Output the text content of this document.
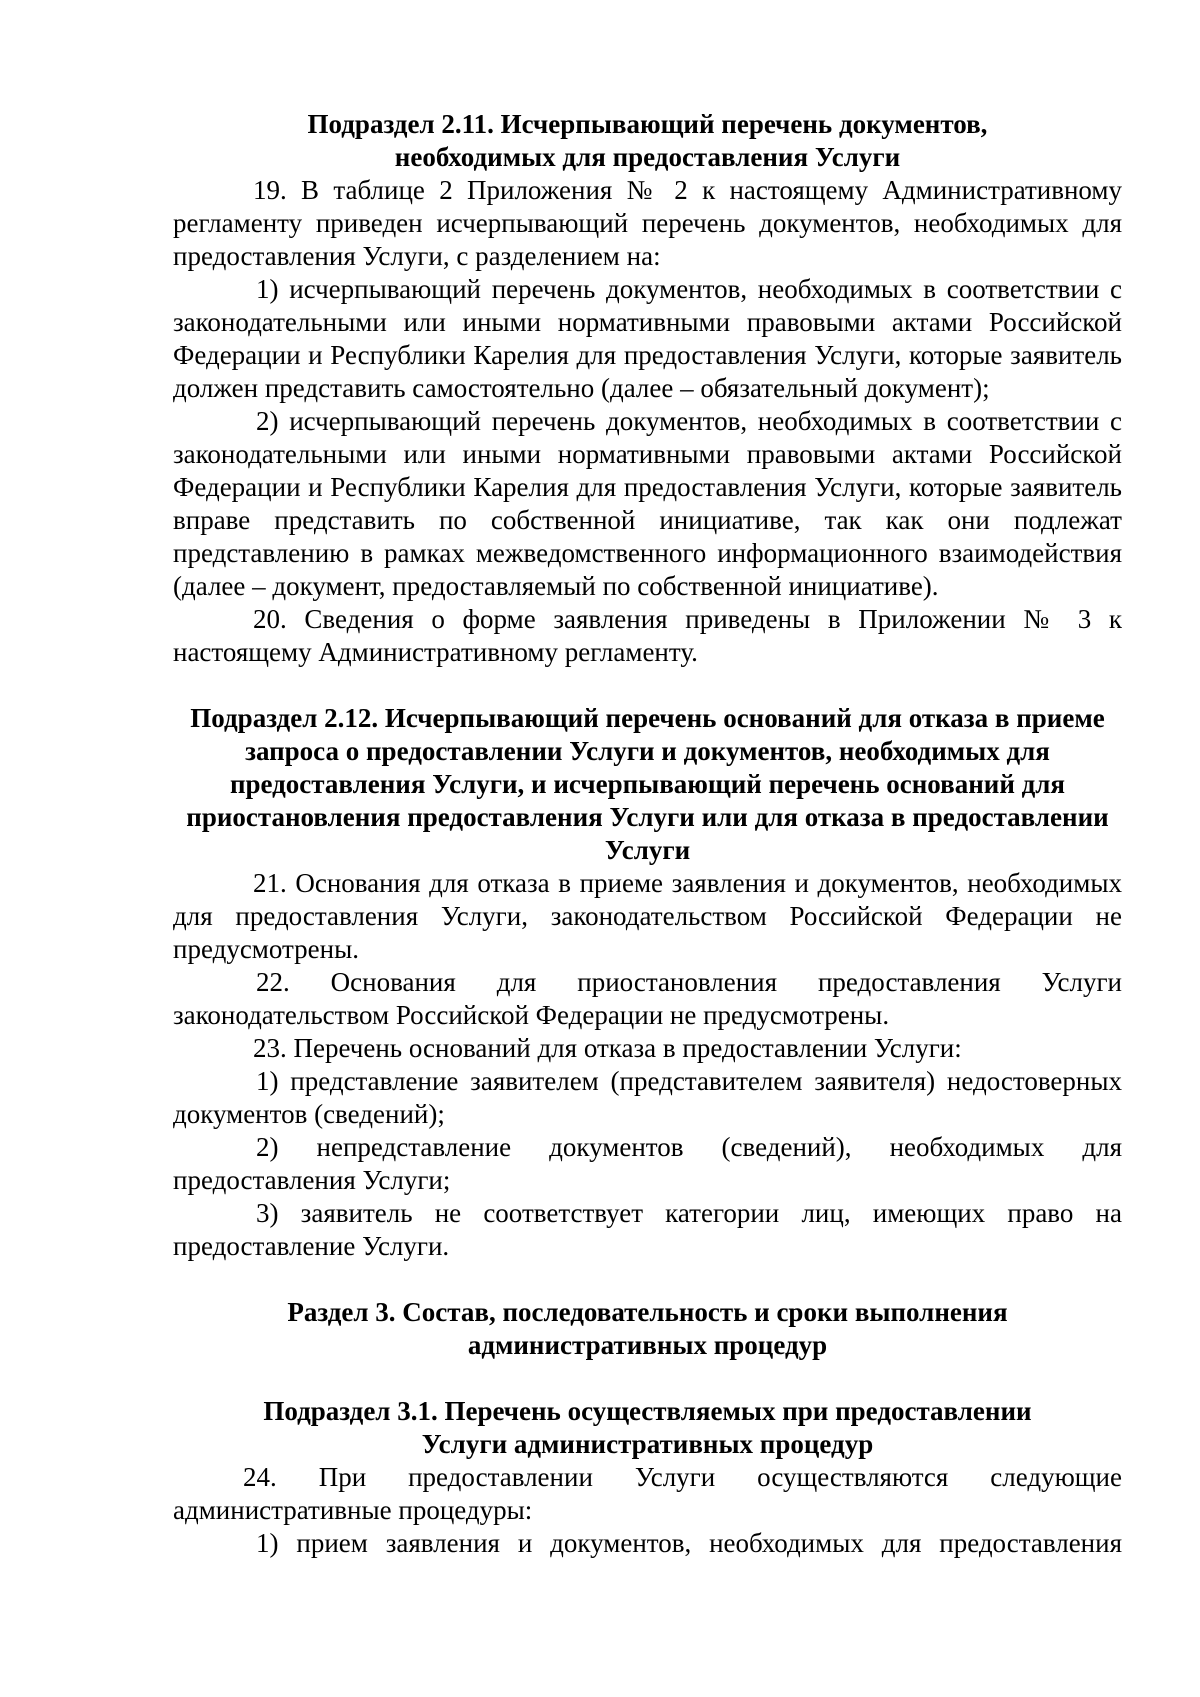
Подраздел 2.11. Исчерпывающий перечень документов, необходимых для предоставления Услуги

19. В таблице 2 Приложения № 2 к настоящему Административному регламенту приведен исчерпывающий перечень документов, необходимых для предоставления Услуги, с разделением на:

1) исчерпывающий перечень документов, необходимых в соответствии с законодательными или иными нормативными правовыми актами Российской Федерации и Республики Карелия для предоставления Услуги, которые заявитель должен представить самостоятельно (далее – обязательный документ);

2) исчерпывающий перечень документов, необходимых в соответствии с законодательными или иными нормативными правовыми актами Российской Федерации и Республики Карелия для предоставления Услуги, которые заявитель вправе представить по собственной инициативе, так как они подлежат представлению в рамках межведомственного информационного взаимодействия (далее – документ, предоставляемый по собственной инициативе).

20. Сведения о форме заявления приведены в Приложении № 3 к настоящему Административному регламенту.

Подраздел 2.12. Исчерпывающий перечень оснований для отказа в приеме запроса о предоставлении Услуги и документов, необходимых для предоставления Услуги, и исчерпывающий перечень оснований для приостановления предоставления Услуги или для отказа в предоставлении Услуги

21. Основания для отказа в приеме заявления и документов, необходимых для предоставления Услуги, законодательством Российской Федерации не предусмотрены.

22. Основания для приостановления предоставления Услуги законодательством Российской Федерации не предусмотрены.

23. Перечень оснований для отказа в предоставлении Услуги:

1) представление заявителем (представителем заявителя) недостоверных документов (сведений);

2) непредставление документов (сведений), необходимых для предоставления Услуги;

3) заявитель не соответствует категории лиц, имеющих право на предоставление Услуги.

Раздел 3. Состав, последовательность и сроки выполнения административных процедур

Подраздел 3.1. Перечень осуществляемых при предоставлении Услуги административных процедур

24. При предоставлении Услуги осуществляются следующие административные процедуры:

1) прием заявления и документов, необходимых для предоставления
